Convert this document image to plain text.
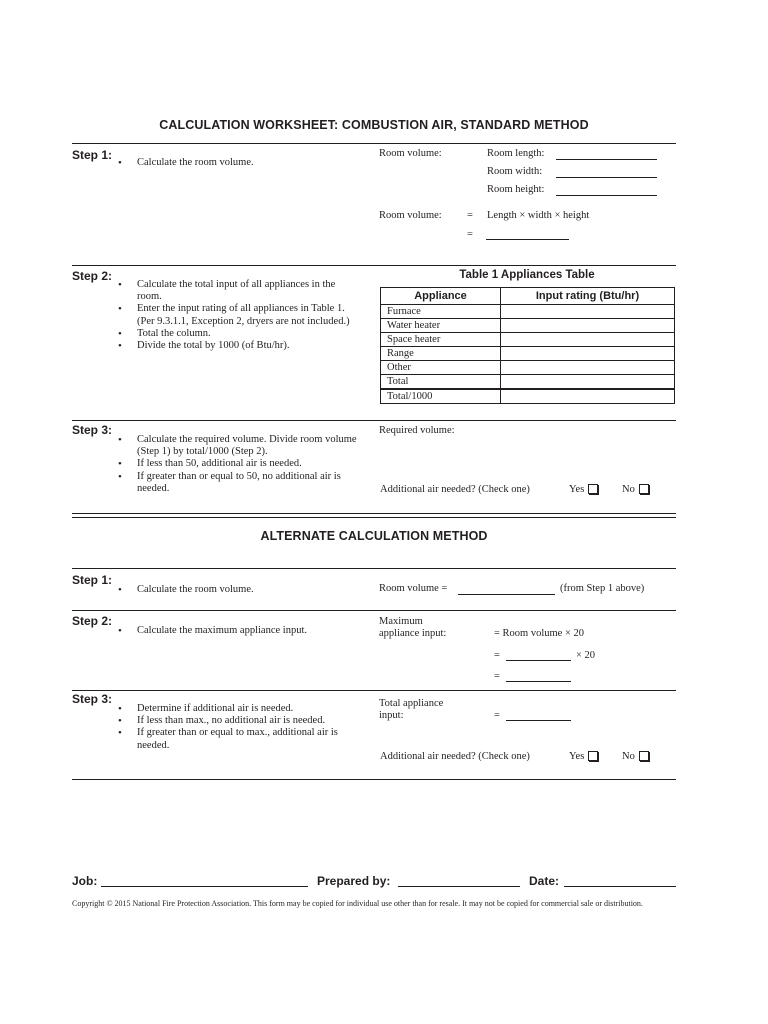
CALCULATION WORKSHEET: COMBUSTION AIR, STANDARD METHOD
Step 1:
• Calculate the room volume.
Room volume:	Room length:
Room width:
Room height:
Room volume: = Length × width × height
=
Step 2:
• Calculate the total input of all appliances in the room.
• Enter the input rating of all appliances in Table 1. (Per 9.3.1.1, Exception 2, dryers are not included.)
• Total the column.
• Divide the total by 1000 (of Btu/hr).
Table 1 Appliances Table
Appliance	Input rating (Btu/hr)
Furnace	
Water heater	
Space heater	
Range	
Other	
Total	
Total/1000	
Step 3:
• Calculate the required volume. Divide room volume (Step 1) by total/1000 (Step 2).
• If less than 50, additional air is needed.
• If greater than or equal to 50, no additional air is needed.
Required volume:
Additional air needed? (Check one)	Yes	No
ALTERNATE CALCULATION METHOD
Step 1:
• Calculate the room volume.	Room volume =	(from Step 1 above)
Step 2:
• Calculate the maximum appliance input.
Maximum
appliance input:	= Room volume × 20
=	× 20
=
Step 3:
• Determine if additional air is needed.
• If less than max., no additional air is needed.
• If greater than or equal to max., additional air is needed.
Total appliance
input:	=
Additional air needed? (Check one)	Yes	No
Job:	Prepared by:	Date:
Copyright © 2015 National Fire Protection Association. This form may be copied for individual use other than for resale. It may not be copied for commercial sale or distribution.
